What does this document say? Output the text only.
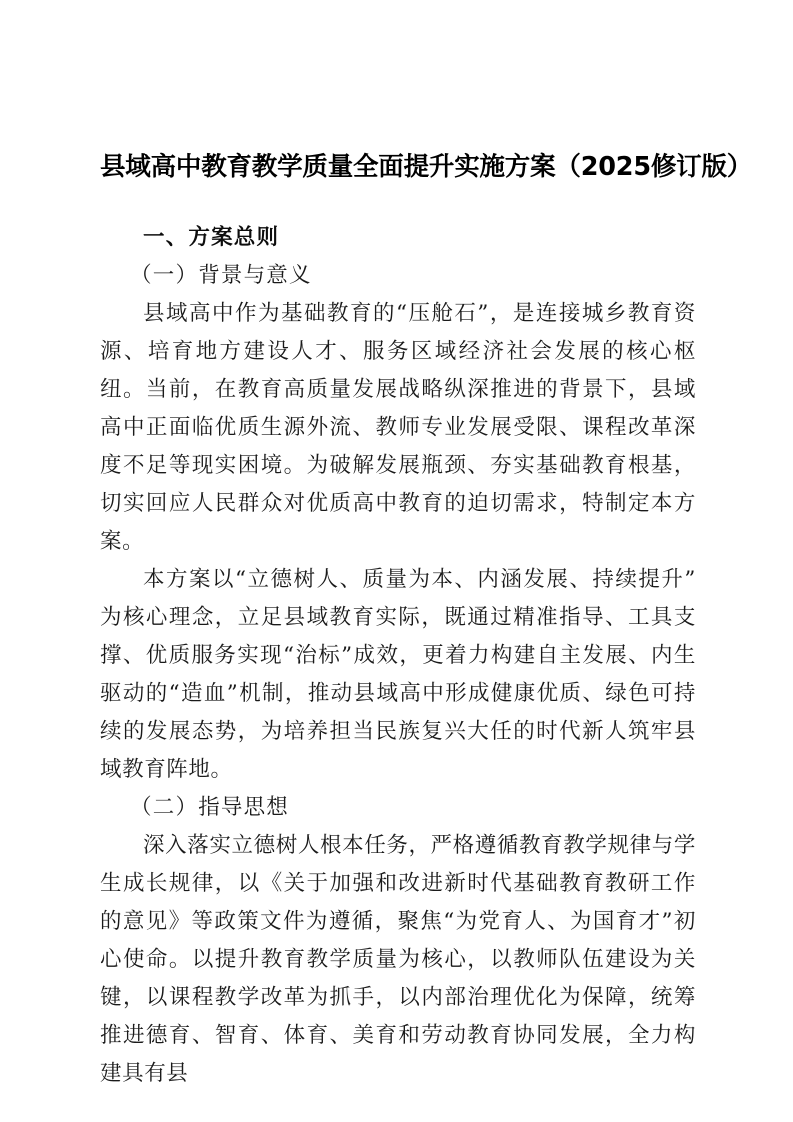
县域高中教育教学质量全面提升实施方案（2025修订版）

一、方案总则

（一）背景与意义

县域高中作为基础教育的“压舱石”，是连接城乡教育资源、培育地方建设人才、服务区域经济社会发展的核心枢纽。当前，在教育高质量发展战略纵深推进的背景下，县域高中正面临优质生源外流、教师专业发展受限、课程改革深度不足等现实困境。为破解发展瓶颈、夯实基础教育根基，切实回应人民群众对优质高中教育的迫切需求，特制定本方案。

本方案以“立德树人、质量为本、内涵发展、持续提升”为核心理念，立足县域教育实际，既通过精准指导、工具支撑、优质服务实现“治标”成效，更着力构建自主发展、内生驱动的“造血”机制，推动县域高中形成健康优质、绿色可持续的发展态势，为培养担当民族复兴大任的时代新人筑牢县域教育阵地。

（二）指导思想

深入落实立德树人根本任务，严格遵循教育教学规律与学生成长规律，以《关于加强和改进新时代基础教育教研工作的意见》等政策文件为遵循，聚焦“为党育人、为国育才”初心使命。以提升教育教学质量为核心，以教师队伍建设为关键，以课程教学改革为抓手，以内部治理优化为保障，统筹推进德育、智育、体育、美育和劳动教育协同发展，全力构建具有县
